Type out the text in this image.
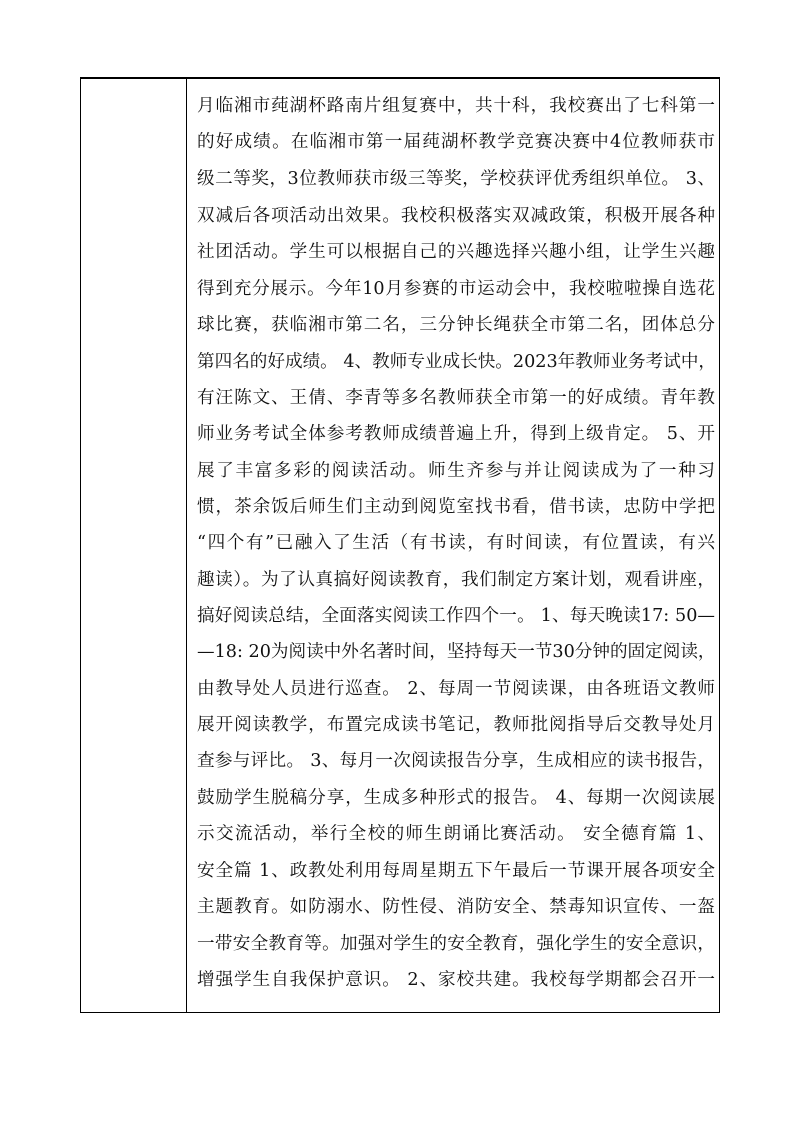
月临湘市莼湖杯路南片组复赛中，共十科，我校赛出了七科第一
的好成绩。在临湘市第一届莼湖杯教学竞赛决赛中4位教师获市
级二等奖，3位教师获市级三等奖，学校获评优秀组织单位。 3、
双减后各项活动出效果。我校积极落实双减政策，积极开展各种
社团活动。学生可以根据自己的兴趣选择兴趣小组，让学生兴趣
得到充分展示。今年10月参赛的市运动会中，我校啦啦操自选花
球比赛，获临湘市第二名，三分钟长绳获全市第二名，团体总分
第四名的好成绩。 4、教师专业成长快。2023年教师业务考试中，
有汪陈文、王倩、李青等多名教师获全市第一的好成绩。青年教
师业务考试全体参考教师成绩普遍上升，得到上级肯定。 5、开
展了丰富多彩的阅读活动。师生齐参与并让阅读成为了一种习
惯，茶余饭后师生们主动到阅览室找书看，借书读，忠防中学把
“四个有”已融入了生活（有书读，有时间读，有位置读，有兴
趣读）。为了认真搞好阅读教育，我们制定方案计划，观看讲座，
搞好阅读总结，全面落实阅读工作四个一。 1、每天晚读17: 50—
—18: 20为阅读中外名著时间，坚持每天一节30分钟的固定阅读，
由教导处人员进行巡查。 2、每周一节阅读课，由各班语文教师
展开阅读教学，布置完成读书笔记，教师批阅指导后交教导处月
查参与评比。 3、每月一次阅读报告分享，生成相应的读书报告，
鼓励学生脱稿分享，生成多种形式的报告。 4、每期一次阅读展
示交流活动，举行全校的师生朗诵比赛活动。 安全德育篇 1、
安全篇 1、政教处利用每周星期五下午最后一节课开展各项安全
主题教育。如防溺水、防性侵、消防安全、禁毒知识宣传、一盔
一带安全教育等。加强对学生的安全教育，强化学生的安全意识，
增强学生自我保护意识。 2、家校共建。我校每学期都会召开一
